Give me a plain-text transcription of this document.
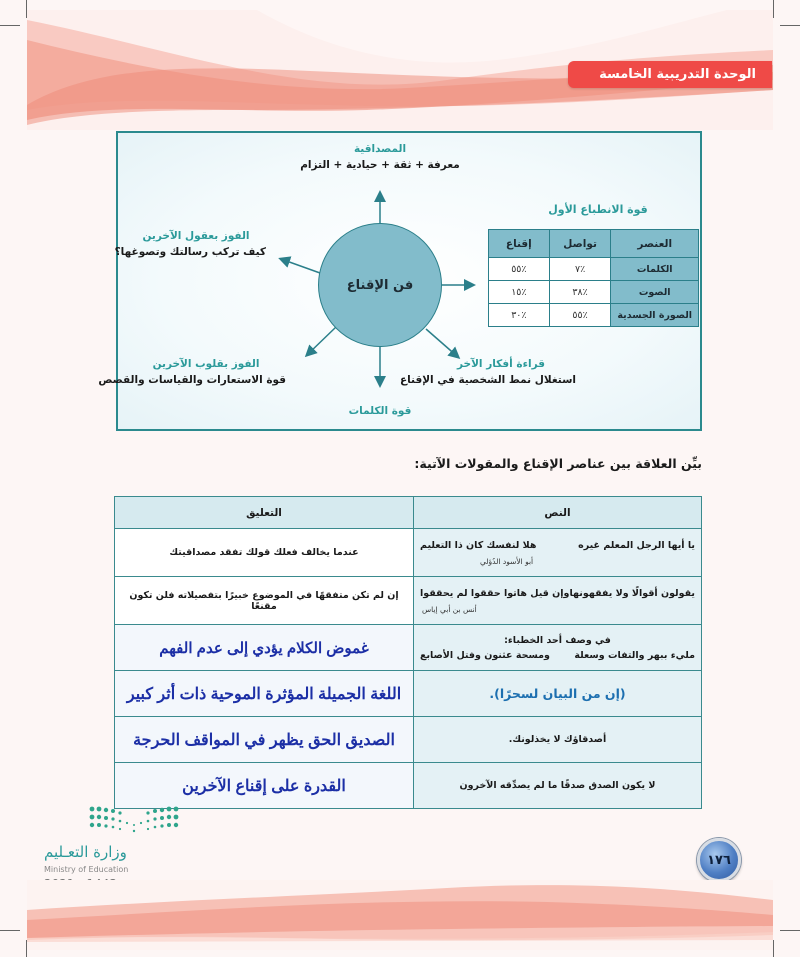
الوحدة التدريبية الخامسة
فن الإقناع
المصداقية
معرفة + ثقة + حيادية + التزام
الفوز بعقول الآخرين
كيف تركب رسالتك وتصوغها؟
الفوز بقلوب الآخرين
قوة الاستعارات والقياسات والقصص
قوة الكلمات
قراءة أفكار الآخر
استغلال نمط الشخصية في الإقناع
قوة الانطباع الأول
العنصر	تواصل	إقناع
الكلمات	٪٧	٪٥٥
الصوت	٪٣٨	٪١٥
الصورة الجسدية	٪٥٥	٪٣٠
بيِّن العلاقة بين عناصر الإقناع والمقولات الآتية:
النص	التعليق

يا أيها الرجل المعلم غيره
هلا لنفسك كان ذا التعليم
أبو الأسود الدُؤلي	عندما يخالف فعلك قولك تفقد مصداقيتك

يقولون أقوالًا ولا يفقهونها
وإن قيل هاتوا حققوا لم يحققوا
أنس بن أبي إياس	إن لم تكن متفقهًا في الموضوع خبيرًا بتفصيلاته فلن تكون مقنعًا

في وصف أحد الخطباء:
مليء ببهر والتفات وسعلة
ومسحة عثنون وفتل الأصابع	غموض الكلام يؤدي إلى عدم الفهم

(إن من البيان لسحرًا).	اللغة الجميلة المؤثرة الموحية ذات أثر كبير
أصدقاؤك لا يخذلونك.	الصديق الحق يظهر في المواقف الحرجة
لا يكون الصدق صدقًا ما لم يصدِّقه الآخرون	القدرة على إقناع الآخرين
وزارة التعـليم
Ministry of Education
١٧٦
